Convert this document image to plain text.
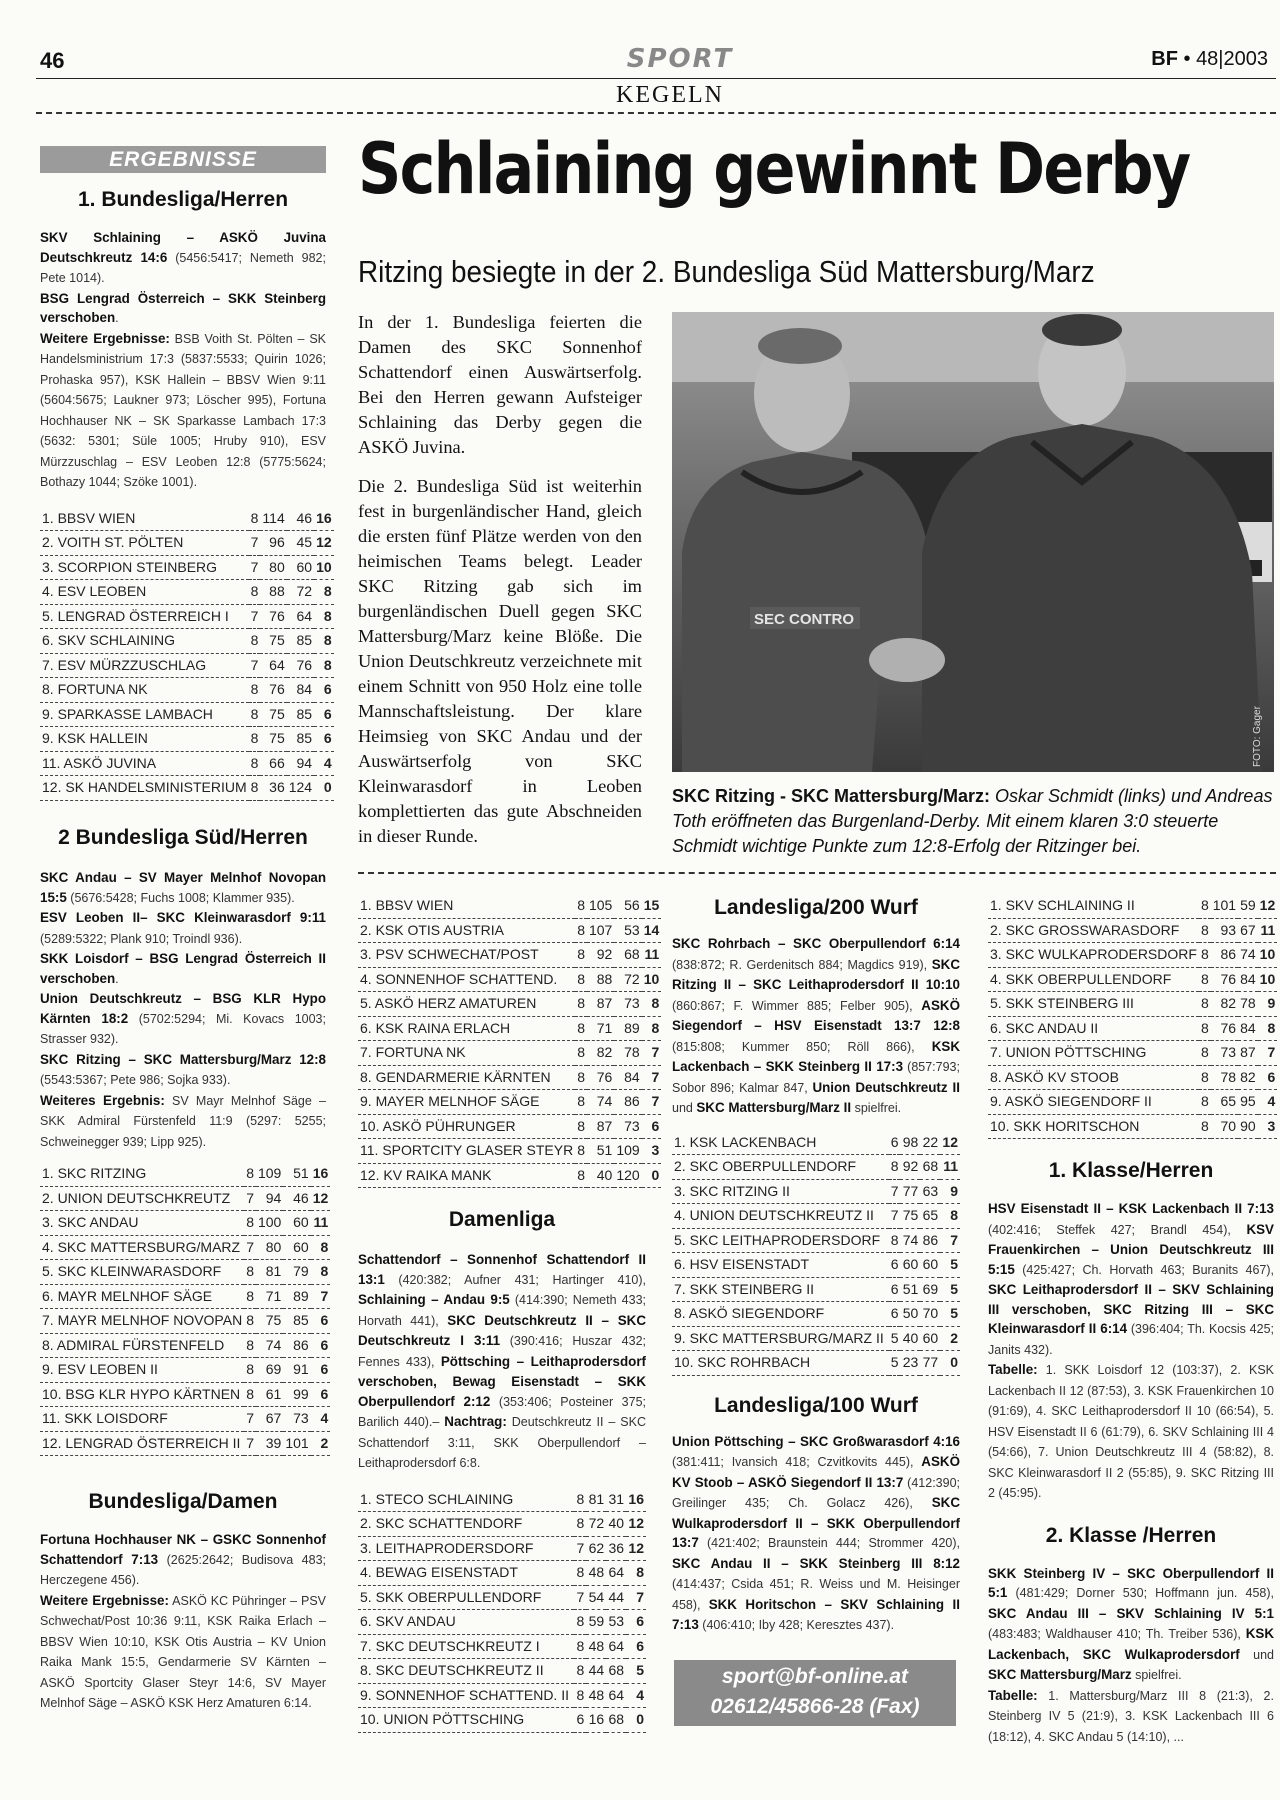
46	SPORT	BF • 48|2003
KEGELN
ERGEBNISSE

1. Bundesliga/Herren

SKV Schlaining – ASKÖ Juvina Deutschkreutz 14:6 (5456:5417; Nemeth 982; Pete 1014).
BSG Lengrad Österreich – SKK Steinberg verschoben.
Weitere Ergebnisse: BSB Voith St. Pölten – SK Handelsministrium 17:3 (5837:5533; Quirin 1026; Prohaska 957), KSK Hallein – BBSV Wien 9:11 (5604:5675; Laukner 973; Löscher 995), Fortuna Hochhauser NK – SK Sparkasse Lambach 17:3 (5632: 5301; Süle 1005; Hruby 910), ESV Mürzzuschlag – ESV Leoben 12:8 (5775:5624; Bothazy 1044; Szöke 1001).

1. BBSV WIEN	8	114	46	16
2. VOITH ST. PÖLTEN	7	96	45	12
3. SCORPION STEINBERG	7	80	60	10
4. ESV LEOBEN	8	88	72	8
5. LENGRAD ÖSTERREICH I	7	76	64	8
6. SKV SCHLAINING	8	75	85	8
7. ESV MÜRZZUSCHLAG	7	64	76	8
8. FORTUNA NK	8	76	84	6
9. SPARKASSE LAMBACH	8	75	85	6
9. KSK HALLEIN	8	75	85	6
11. ASKÖ JUVINA	8	66	94	4
12. SK HANDELSMINISTERIUM	8	36	124	0

2 Bundesliga Süd/Herren

SKC Andau – SV Mayer Melnhof Novopan 15:5 (5676:5428; Fuchs 1008; Klammer 935).
ESV Leoben II– SKC Kleinwarasdorf 9:11 (5289:5322; Plank 910; Troindl 936).
SKK Loisdorf – BSG Lengrad Österreich II verschoben.
Union Deutschkreutz – BSG KLR Hypo Kärnten 18:2 (5702:5294; Mi. Kovacs 1003; Strasser 932).
SKC Ritzing – SKC Mattersburg/Marz 12:8 (5543:5367; Pete 986; Sojka 933).
Weiteres Ergebnis: SV Mayr Melnhof Säge – SKK Admiral Fürstenfeld 11:9 (5297: 5255; Schweinegger 939; Lipp 925).

1. SKC RITZING	8	109	51	16
2. UNION DEUTSCHKREUTZ	7	94	46	12
3. SKC ANDAU	8	100	60	11
4. SKC MATTERSBURG/MARZ	7	80	60	8
5. SKC KLEINWARASDORF	8	81	79	8
6. MAYR MELNHOF SÄGE	8	71	89	7
7. MAYR MELNHOF NOVOPAN	8	75	85	6
8. ADMIRAL FÜRSTENFELD	8	74	86	6
9. ESV LEOBEN II	8	69	91	6
10. BSG KLR HYPO KÄRTNEN	8	61	99	6
11. SKK LOISDORF	7	67	73	4
12. LENGRAD ÖSTERREICH II	7	39	101	2

Bundesliga/Damen

Fortuna Hochhauser NK – GSKC Sonnenhof Schattendorf 7:13 (2625:2642; Budisova 483; Herczegene 456).
Weitere Ergebnisse: ASKÖ KC Pühringer – PSV Schwechat/Post 10:36 9:11, KSK Raika Erlach – BBSV Wien 10:10, KSK Otis Austria – KV Union Raika Mank 15:5, Gendarmerie SV Kärnten – ASKÖ Sportcity Glaser Steyr 14:6, SV Mayer Melnhof Säge – ASKÖ KSK Herz Amaturen 6:14.

Schlaining gewinnt Derby
Ritzing besiegte in der 2. Bundesliga Süd Mattersburg/Marz
In der 1. Bundesliga feierten die Damen des SKC Sonnenhof Schattendorf einen Auswärtserfolg. Bei den Herren gewann Aufsteiger Schlaining das Derby gegen die ASKÖ Juvina.
Die 2. Bundesliga Süd ist weiterhin fest in burgenländischer Hand, gleich die ersten fünf Plätze werden von den heimischen Teams belegt. Leader SKC Ritzing gab sich im burgenländischen Duell gegen SKC Mattersburg/Marz keine Blöße. Die Union Deutschkreutz verzeichnete mit einem Schnitt von 950 Holz eine tolle Mannschaftsleistung. Der klare Heimsieg von SKC Andau und der Auswärtserfolg von SKC Kleinwarasdorf in Leoben komplettierten das gute Abschneiden in dieser Runde.
FOTO: Gager
SEC CONTRO
SKC Ritzing - SKC Mattersburg/Marz: Oskar Schmidt (links) und Andreas Toth eröffneten das Burgenland-Derby. Mit einem klaren 3:0 steuerte Schmidt wichtige Punkte zum 12:8-Erfolg der Ritzinger bei.
1. BBSV WIEN	8	105	56	15
2. KSK OTIS AUSTRIA	8	107	53	14
3. PSV SCHWECHAT/POST	8	92	68	11
4. SONNENHOF SCHATTEND.	8	88	72	10
5. ASKÖ HERZ AMATUREN	8	87	73	8
6. KSK RAINA ERLACH	8	71	89	8
7. FORTUNA NK	8	82	78	7
8. GENDARMERIE KÄRNTEN	8	76	84	7
9. MAYER MELNHOF SÄGE	8	74	86	7
10. ASKÖ PÜHRUNGER	8	87	73	6
11. SPORTCITY GLASER STEYR	8	51	109	3
12. KV RAIKA MANK	8	40	120	0

Damenliga

Schattendorf – Sonnenhof Schattendorf II 13:1 (420:382; Aufner 431; Hartinger 410), Schlaining – Andau 9:5 (414:390; Nemeth 433; Horvath 441), SKC Deutschkreutz II – SKC Deutschkreutz I 3:11 (390:416; Huszar 432; Fennes 433), Pöttsching – Leithaprodersdorf verschoben, Bewag Eisenstadt – SKK Oberpullendorf 2:12 (353:406; Posteiner 375; Barilich 440).– Nachtrag: Deutschkreutz II – SKC Schattendorf 3:11, SKK Oberpullendorf – Leithaprodersdorf 6:8.

1. STECO SCHLAINING	8	81	31	16
2. SKC SCHATTENDORF	8	72	40	12
3. LEITHAPRODERSDORF	7	62	36	12
4. BEWAG EISENSTADT	8	48	64	8
5. SKK OBERPULLENDORF	7	54	44	7
6. SKV ANDAU	8	59	53	6
7. SKC DEUTSCHKREUTZ I	8	48	64	6
8. SKC DEUTSCHKREUTZ II	8	44	68	5
9. SONNENHOF SCHATTEND. II	8	48	64	4
10. UNION PÖTTSCHING	6	16	68	0

Landesliga/200 Wurf

SKC Rohrbach – SKC Oberpullendorf 6:14 (838:872; R. Gerdenitsch 884; Magdics 919), SKC Ritzing II – SKC Leithaprodersdorf II 10:10 (860:867; F. Wimmer 885; Felber 905), ASKÖ Siegendorf – HSV Eisenstadt 13:7 12:8 (815:808; Kummer 850; Röll 866), KSK Lackenbach – SKK Steinberg II 17:3 (857:793; Sobor 896; Kalmar 847, Union Deutschkreutz II und SKC Mattersburg/Marz II spielfrei.

1. KSK LACKENBACH	6	98	22	12
2. SKC OBERPULLENDORF	8	92	68	11
3. SKC RITZING II	7	77	63	9
4. UNION DEUTSCHKREUTZ II	7	75	65	8
5. SKC LEITHAPRODERSDORF	8	74	86	7
6. HSV EISENSTADT	6	60	60	5
7. SKK STEINBERG II	6	51	69	5
8. ASKÖ SIEGENDORF	6	50	70	5
9. SKC MATTERSBURG/MARZ II	5	40	60	2
10. SKC ROHRBACH	5	23	77	0

Landesliga/100 Wurf

Union Pöttsching – SKC Großwarasdorf 4:16 (381:411; Ivansich 418; Czvitkovits 445), ASKÖ KV Stoob – ASKÖ Siegendorf II 13:7 (412:390; Greilinger 435; Ch. Golacz 426), SKC Wulkaprodersdorf II – SKK Oberpullendorf 13:7 (421:402; Braunstein 444; Strommer 420), SKC Andau II – SKK Steinberg III 8:12 (414:437; Csida 451; R. Weiss und M. Heisinger 458), SKK Horitschon – SKV Schlaining II 7:13 (406:410; Iby 428; Keresztes 437).

sport@bf-online.at
02612/45866-28 (Fax)
1. SKV SCHLAINING II	8	101	59	12
2. SKC GROSSWARASDORF	8	93	67	11
3. SKC WULKAPRODERSDORF	8	86	74	10
4. SKK OBERPULLENDORF	8	76	84	10
5. SKK STEINBERG III	8	82	78	9
6. SKC ANDAU II	8	76	84	8
7. UNION PÖTTSCHING	8	73	87	7
8. ASKÖ KV STOOB	8	78	82	6
9. ASKÖ SIEGENDORF II	8	65	95	4
10. SKK HORITSCHON	8	70	90	3

1. Klasse/Herren

HSV Eisenstadt II – KSK Lackenbach II 7:13 (402:416; Steffek 427; Brandl 454), KSV Frauenkirchen – Union Deutschkreutz III 5:15 (425:427; Ch. Horvath 463; Buranits 467), SKC Leithaprodersdorf II – SKV Schlaining III verschoben, SKC Ritzing III – SKC Kleinwarasdorf II 6:14 (396:404; Th. Kocsis 425; Janits 432).
Tabelle: 1. SKK Loisdorf 12 (103:37), 2. KSK Lackenbach II 12 (87:53), 3. KSK Frauenkirchen 10 (91:69), 4. SKC Leithaprodersdorf II 10 (66:54), 5. HSV Eisenstadt II 6 (61:79), 6. SKV Schlaining III 4 (54:66), 7. Union Deutschkreutz III 4 (58:82), 8. SKC Kleinwarasdorf II 2 (55:85), 9. SKC Ritzing III 2 (45:95).

2. Klasse /Herren

SKK Steinberg IV – SKC Oberpullendorf II 5:1 (481:429; Dorner 530; Hoffmann jun. 458), SKC Andau III – SKV Schlaining IV 5:1 (483:483; Waldhauser 410; Th. Treiber 536), KSK Lackenbach, SKC Wulkaprodersdorf und SKC Mattersburg/Marz spielfrei.
Tabelle: 1. Mattersburg/Marz III 8 (21:3), 2. Steinberg IV 5 (21:9), 3. KSK Lackenbach III 6 (18:12), 4. SKC Andau 5 (14:10), ...
